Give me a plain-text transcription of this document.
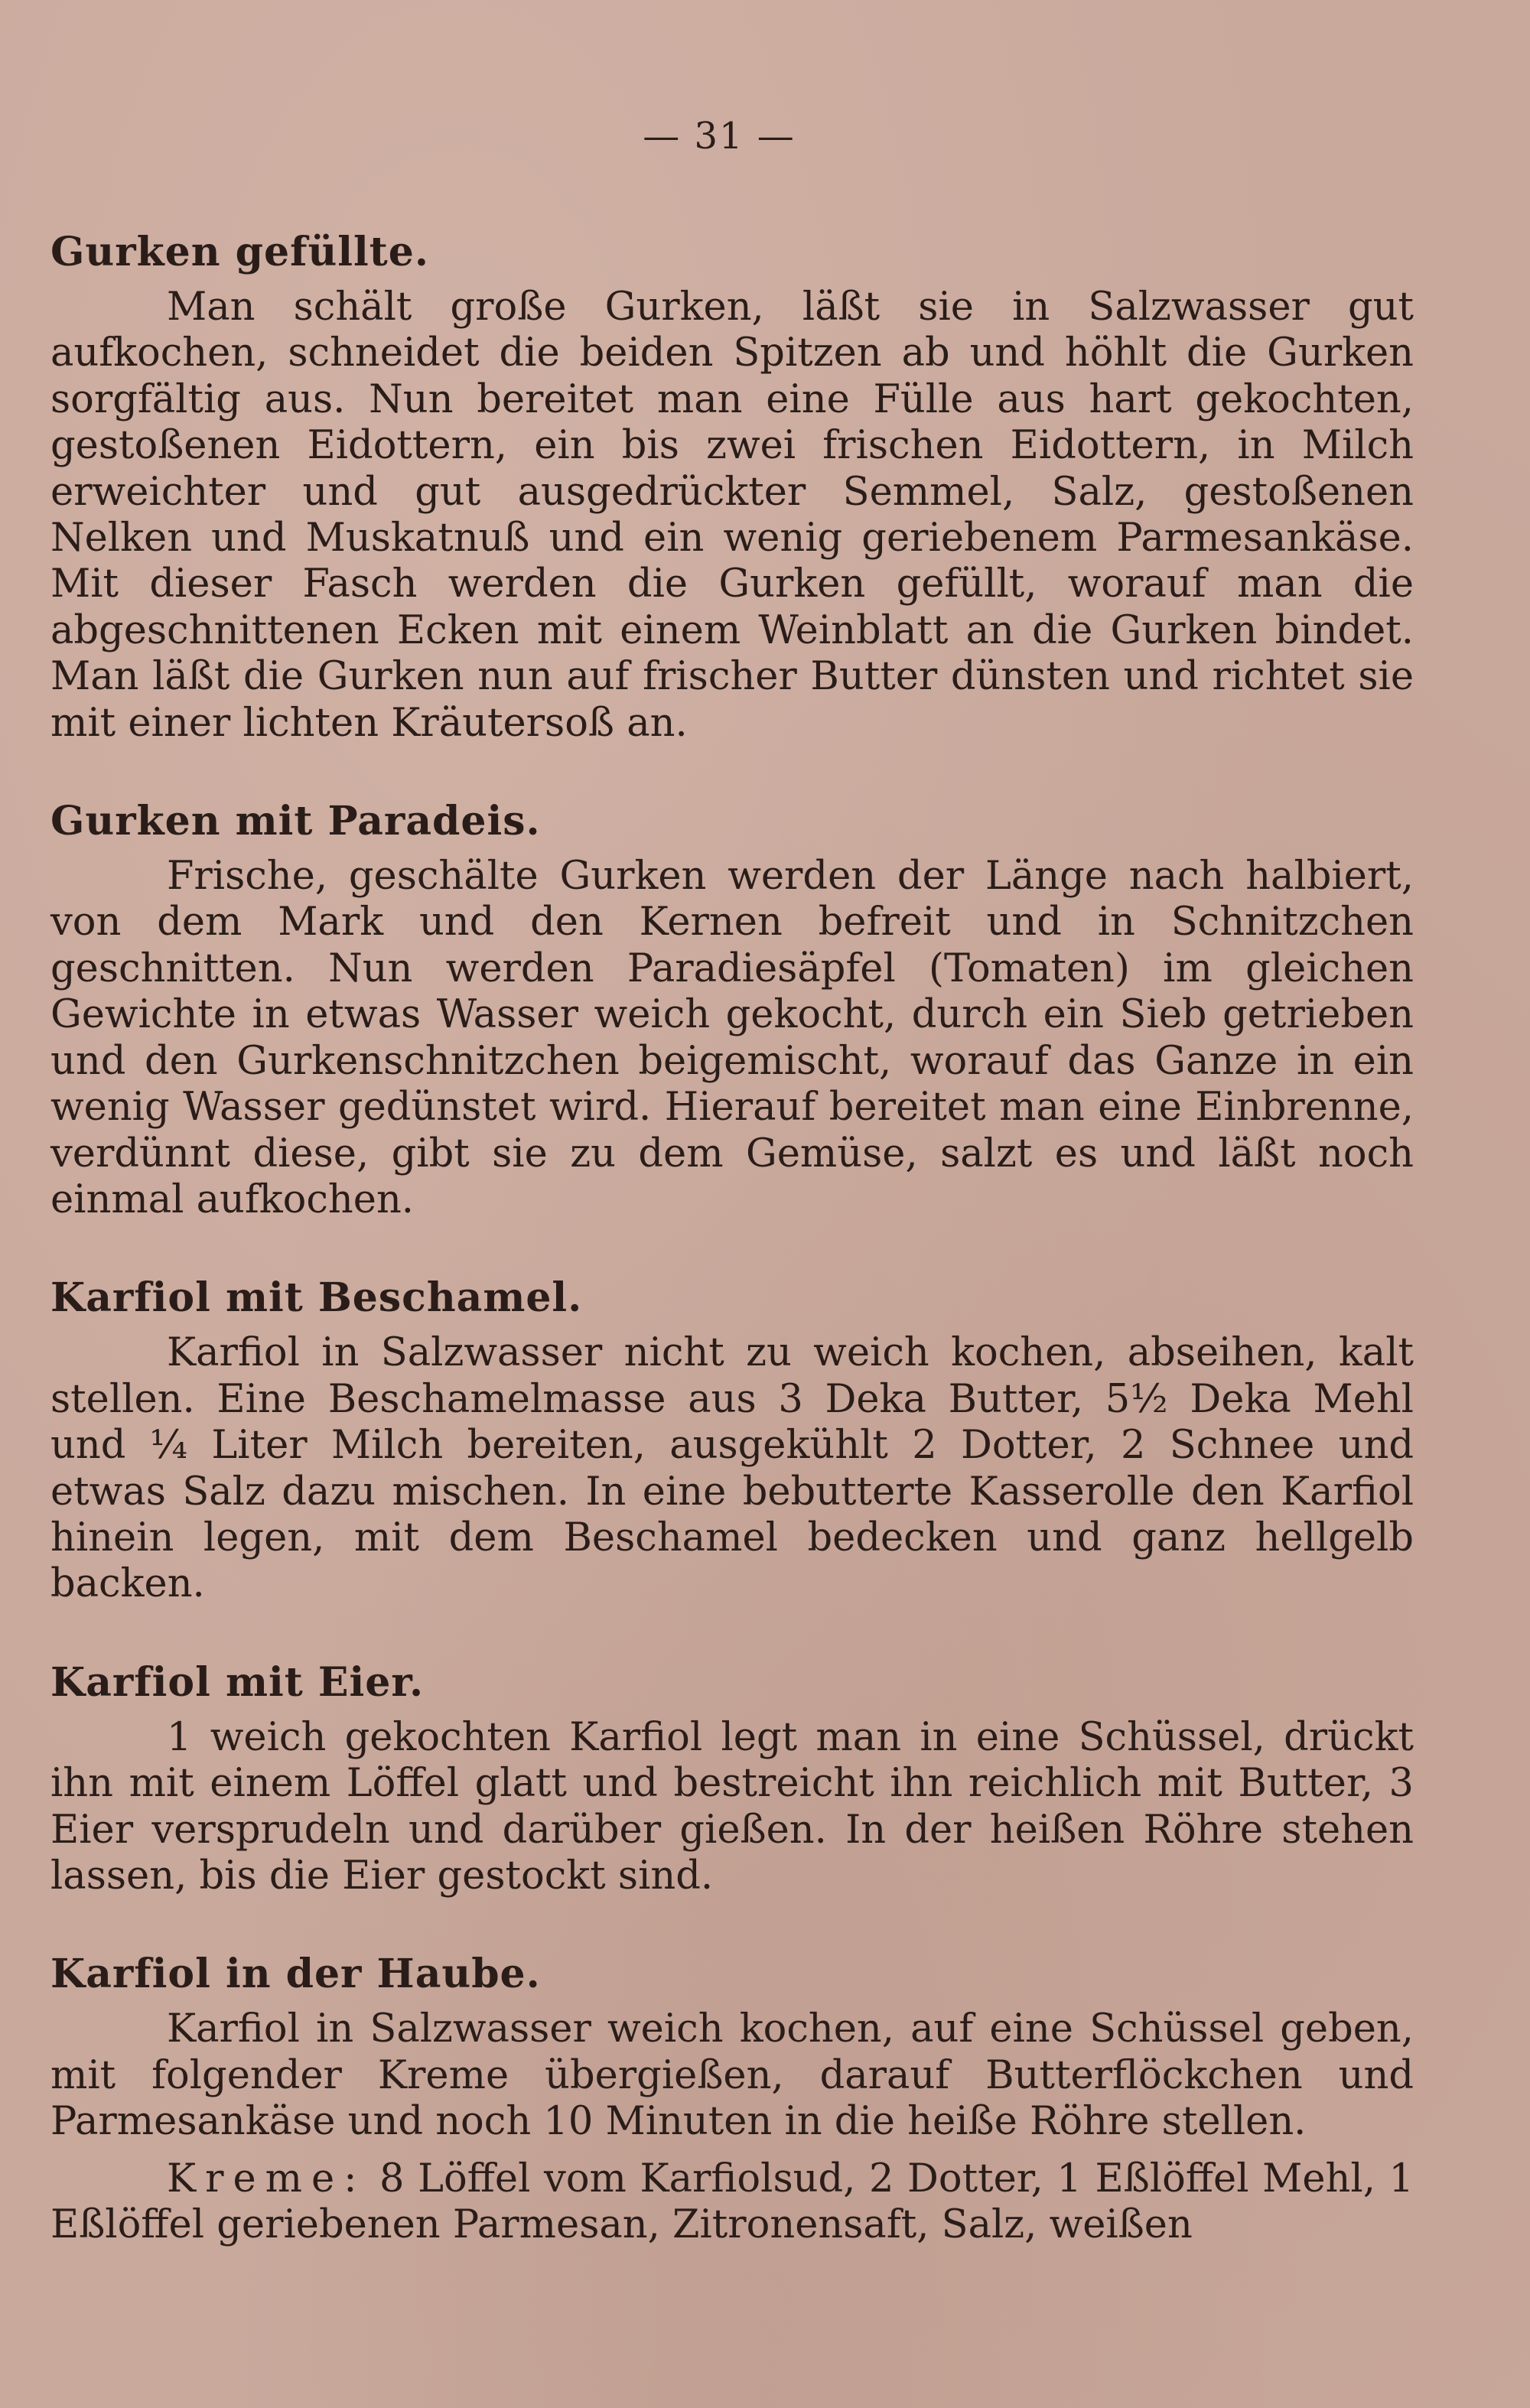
— 31 —
Gurken gefüllte.

Man schält große Gurken, läßt sie in Salzwasser gut aufkochen, schneidet die beiden Spitzen ab und höhlt die Gurken sorgfältig aus. Nun bereitet man eine Fülle aus hart gekochten, gestoßenen Eidottern, ein bis zwei frischen Eidottern, in Milch erweichter und gut ausgedrückter Semmel, Salz, gestoßenen Nelken und Muskatnuß und ein wenig geriebenem Parmesankäse. Mit dieser Fasch werden die Gurken gefüllt, worauf man die abgeschnittenen Ecken mit einem Weinblatt an die Gurken bindet. Man läßt die Gurken nun auf frischer Butter dünsten und richtet sie mit einer lichten Kräutersoß an.

Gurken mit Paradeis.

Frische, geschälte Gurken werden der Länge nach halbiert, von dem Mark und den Kernen befreit und in Schnitzchen geschnitten. Nun werden Paradiesäpfel (Tomaten) im gleichen Gewichte in etwas Wasser weich gekocht, durch ein Sieb getrieben und den Gurkenschnitzchen beigemischt, worauf das Ganze in ein wenig Wasser gedünstet wird. Hierauf bereitet man eine Einbrenne, verdünnt diese, gibt sie zu dem Gemüse, salzt es und läßt noch einmal aufkochen.

Karfiol mit Beschamel.

Karfiol in Salzwasser nicht zu weich kochen, abseihen, kalt stellen. Eine Beschamelmasse aus 3 Deka Butter, 5½ Deka Mehl und ¼ Liter Milch bereiten, ausgekühlt 2 Dotter, 2 Schnee und etwas Salz dazu mischen. In eine bebutterte Kasserolle den Karfiol hinein legen, mit dem Beschamel bedecken und ganz hellgelb backen.

Karfiol mit Eier.

1 weich gekochten Karfiol legt man in eine Schüssel, drückt ihn mit einem Löffel glatt und bestreicht ihn reichlich mit Butter, 3 Eier versprudeln und darüber gießen. In der heißen Röhre stehen lassen, bis die Eier gestockt sind.

Karfiol in der Haube.

Karfiol in Salzwasser weich kochen, auf eine Schüssel geben, mit folgender Kreme übergießen, darauf Butterflöckchen und Parmesankäse und noch 10 Minuten in die heiße Röhre stellen.

Kreme: 8 Löffel vom Karfiolsud, 2 Dotter, 1 Eßlöffel Mehl, 1 Eßlöffel geriebenen Parmesan, Zitronensaft, Salz, weißen
